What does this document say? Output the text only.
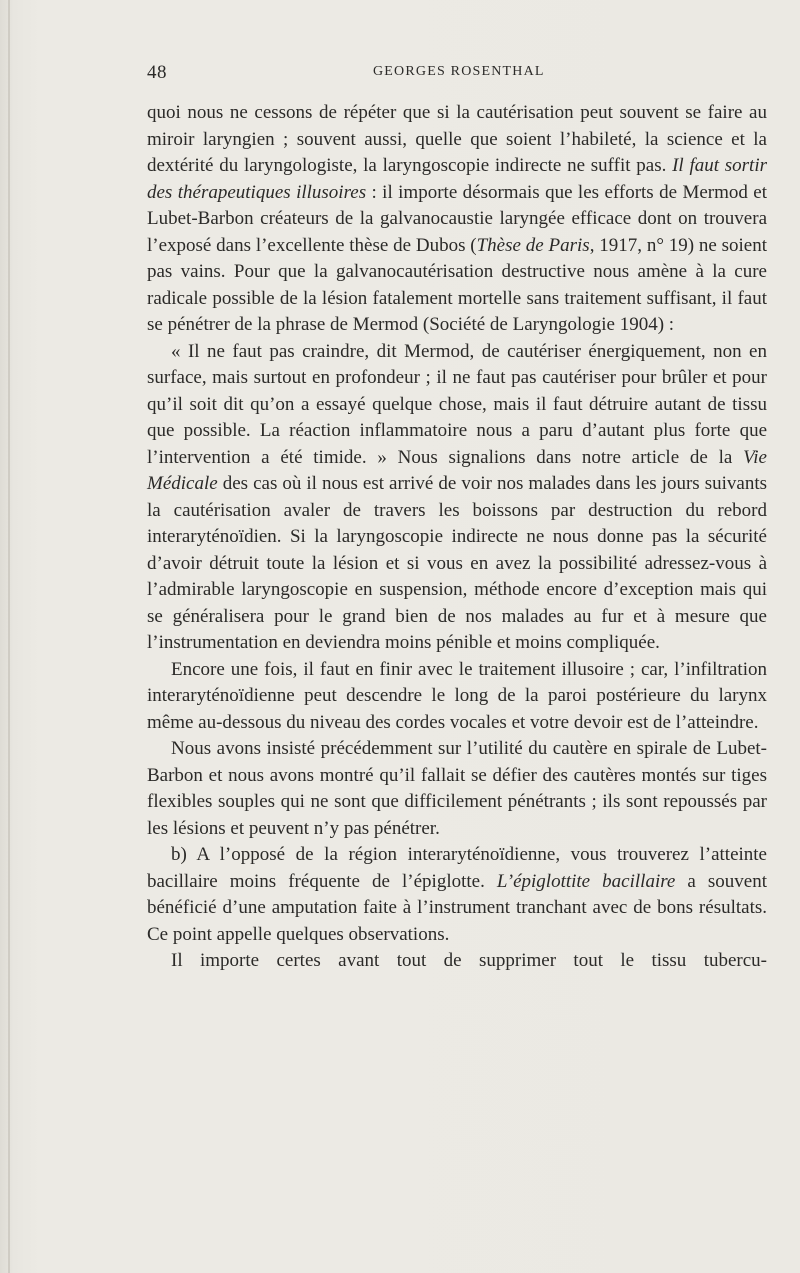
48	GEORGES ROSENTHAL

quoi nous ne cessons de répéter que si la cautérisation peut souvent se faire au miroir laryngien ; souvent aussi, quelle que soient l’habileté, la science et la dextérité du laryngologiste, la laryngoscopie indirecte ne suffit pas. Il faut sortir des thérapeutiques illusoires : il importe désormais que les efforts de Mermod et Lubet-Barbon créateurs de la galvanocaustie laryngée efficace dont on trouvera l’exposé dans l’excellente thèse de Dubos (Thèse de Paris, 1917, n° 19) ne soient pas vains. Pour que la galvanocautérisation destructive nous amène à la cure radicale possible de la lésion fatalement mortelle sans traitement suffisant, il faut se pénétrer de la phrase de Mermod (Société de Laryngologie 1904) :

« Il ne faut pas craindre, dit Mermod, de cautériser énergiquement, non en surface, mais surtout en profondeur ; il ne faut pas cautériser pour brûler et pour qu’il soit dit qu’on a essayé quelque chose, mais il faut détruire autant de tissu que possible. La réaction inflammatoire nous a paru d’autant plus forte que l’intervention a été timide. » Nous signalions dans notre article de la Vie Médicale des cas où il nous est arrivé de voir nos malades dans les jours suivants la cautérisation avaler de travers les boissons par destruction du rebord interaryténoïdien. Si la laryngoscopie indirecte ne nous donne pas la sécurité d’avoir détruit toute la lésion et si vous en avez la possibilité adressez-vous à l’admirable laryngoscopie en suspension, méthode encore d’exception mais qui se généralisera pour le grand bien de nos malades au fur et à mesure que l’instrumentation en deviendra moins pénible et moins compliquée.

Encore une fois, il faut en finir avec le traitement illusoire ; car, l’infiltration interaryténoïdienne peut descendre le long de la paroi postérieure du larynx même au-dessous du niveau des cordes vocales et votre devoir est de l’atteindre.

Nous avons insisté précédemment sur l’utilité du cautère en spirale de Lubet-Barbon et nous avons montré qu’il fallait se défier des cautères montés sur tiges flexibles souples qui ne sont que difficilement pénétrants ; ils sont repoussés par les lésions et peuvent n’y pas pénétrer.

b) A l’opposé de la région interaryténoïdienne, vous trouverez l’atteinte bacillaire moins fréquente de l’épiglotte. L’épiglottite bacillaire a souvent bénéficié d’une amputation faite à l’instrument tranchant avec de bons résultats. Ce point appelle quelques observations.

Il importe certes avant tout de supprimer tout le tissu tubercu-
